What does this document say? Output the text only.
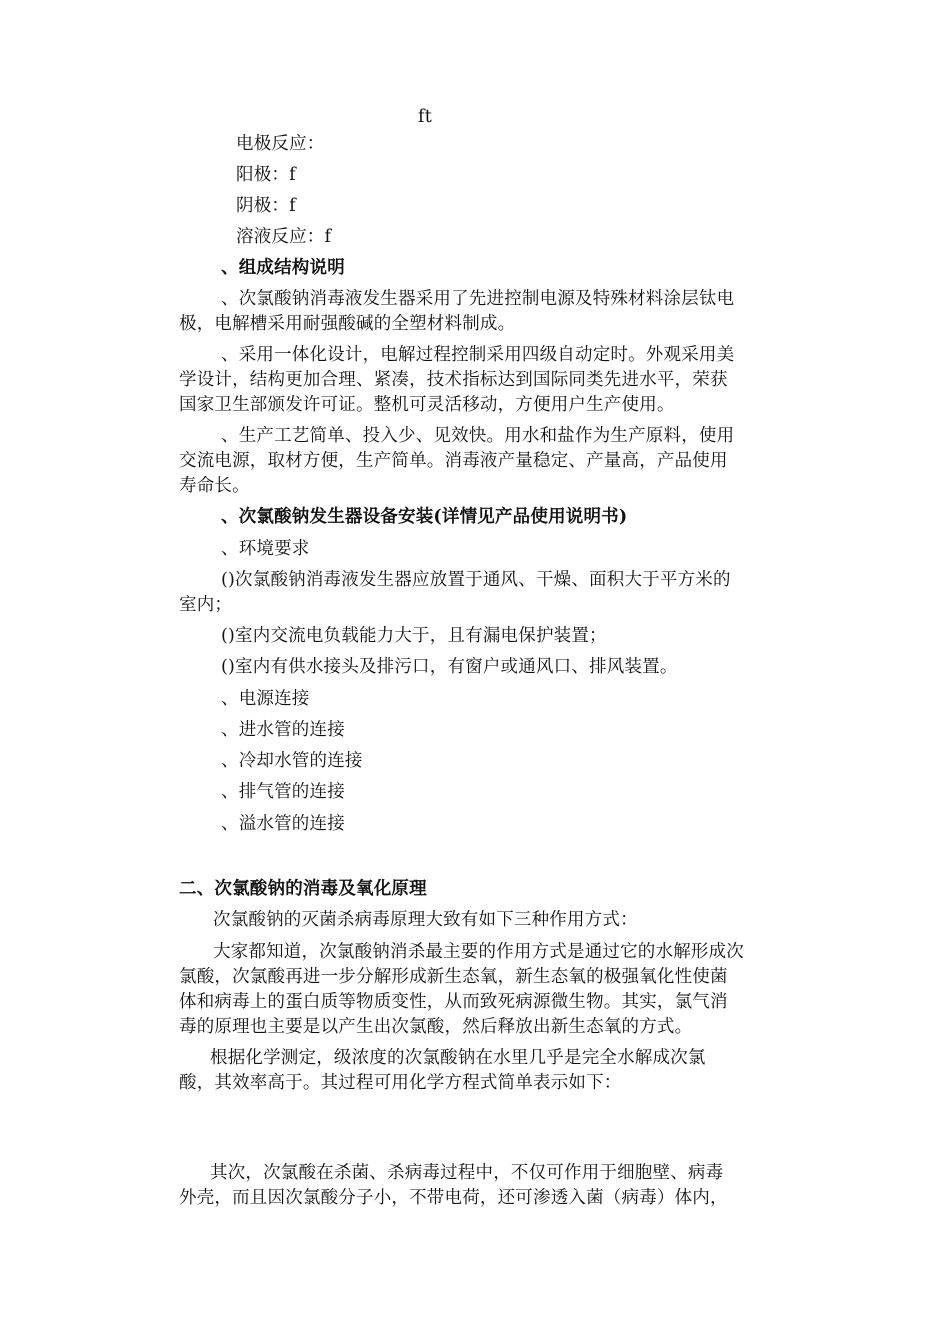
ft
电极反应：
阳极：f
阴极：f
溶液反应：f
、组成结构说明
、次氯酸钠消毒液发生器采用了先进控制电源及特殊材料涂层钛电
极，电解槽采用耐强酸碱的全塑材料制成。
、采用一体化设计，电解过程控制采用四级自动定时。外观采用美
学设计，结构更加合理、紧凑，技术指标达到国际同类先进水平，荣获
国家卫生部颁发许可证。整机可灵活移动，方便用户生产使用。
、生产工艺简单、投入少、见效快。用水和盐作为生产原料，使用
交流电源，取材方便，生产简单。消毒液产量稳定、产量高，产品使用
寿命长。
、次氯酸钠发生器设备安装(详情见产品使用说明书)
、环境要求
()次氯酸钠消毒液发生器应放置于通风、干燥、面积大于平方米的
室内；
()室内交流电负载能力大于，且有漏电保护装置；
()室内有供水接头及排污口，有窗户或通风口、排风装置。
、电源连接
、进水管的连接
、冷却水管的连接
、排气管的连接
、溢水管的连接
二、次氯酸钠的消毒及氧化原理
次氯酸钠的灭菌杀病毒原理大致有如下三种作用方式：
大家都知道，次氯酸钠消杀最主要的作用方式是通过它的水解形成次
氯酸，次氯酸再进一步分解形成新生态氧，新生态氧的极强氧化性使菌
体和病毒上的蛋白质等物质变性，从而致死病源微生物。其实，氯气消
毒的原理也主要是以产生出次氯酸，然后释放出新生态氧的方式。
根据化学测定，级浓度的次氯酸钠在水里几乎是完全水解成次氯
酸，其效率高于。其过程可用化学方程式简单表示如下：
其次，次氯酸在杀菌、杀病毒过程中，不仅可作用于细胞壁、病毒
外壳，而且因次氯酸分子小，不带电荷，还可渗透入菌（病毒）体内，
